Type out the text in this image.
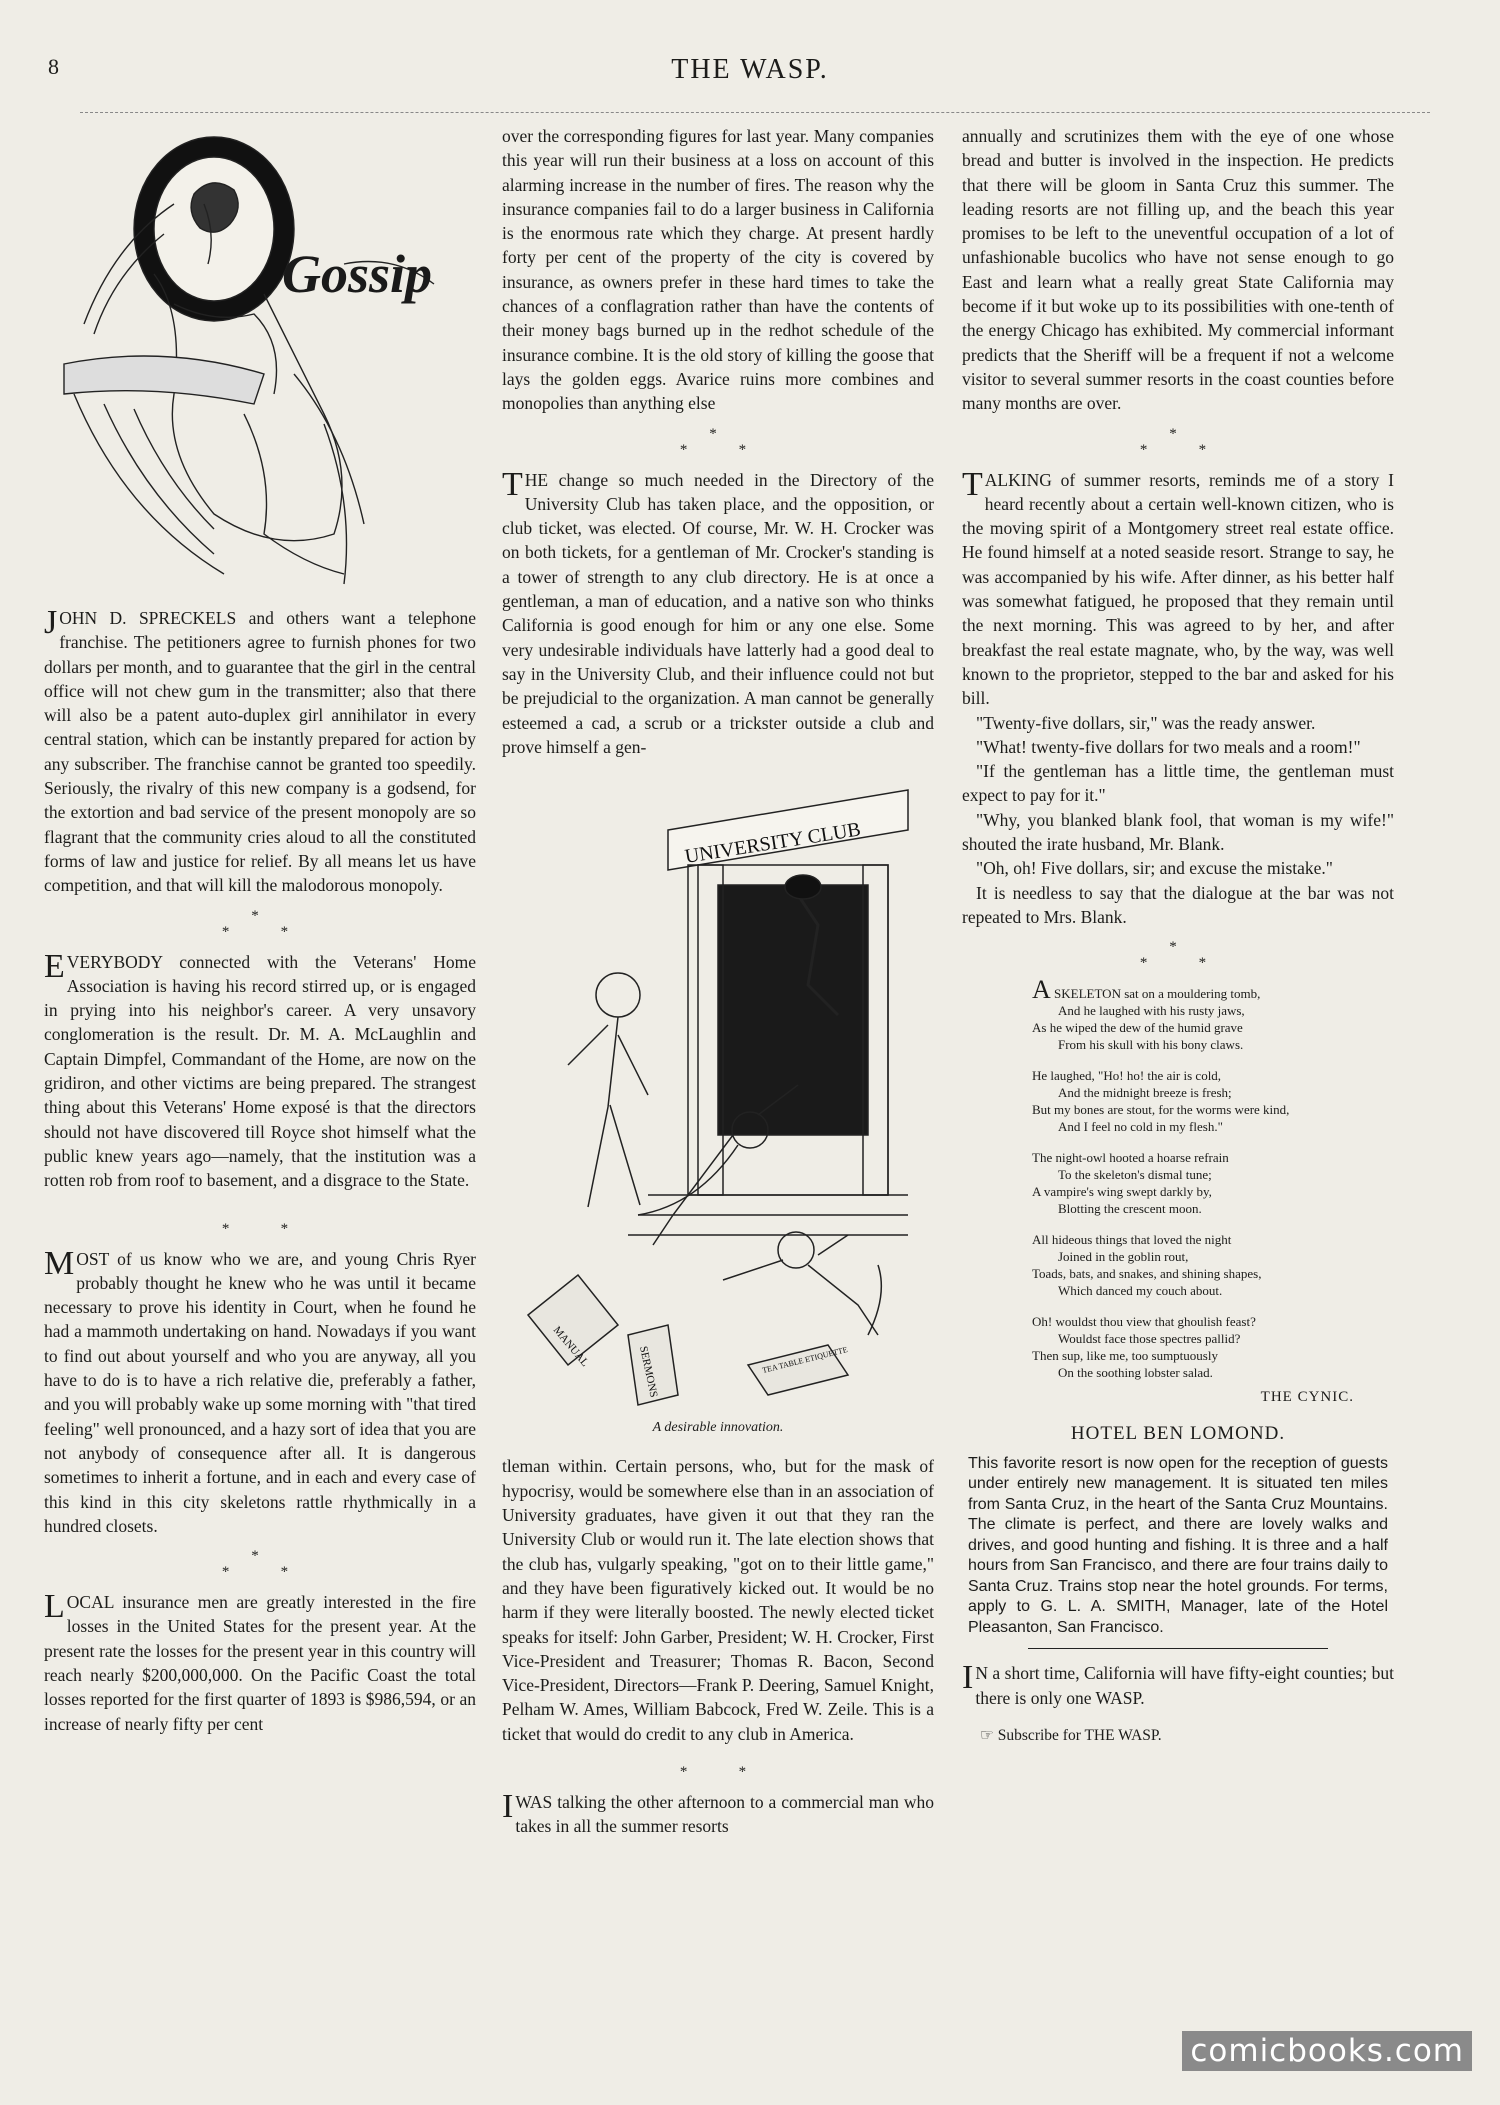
8	THE WASP.
Gossip

JOHN D. SPRECKELS and others want a telephone franchise. The petitioners agree to furnish phones for two dollars per month, and to guarantee that the girl in the central office will not chew gum in the transmitter; also that there will also be a patent auto-duplex girl annihilator in every central station, which can be instantly prepared for action by any subscriber. The franchise cannot be granted too speedily. Seriously, the rivalry of this new company is a godsend, for the extortion and bad service of the present monopoly are so flagrant that the community cries aloud to all the constituted forms of law and justice for relief. By all means let us have competition, and that will kill the malodorous monopoly.

*
*   *

EVERYBODY connected with the Veterans' Home Association is having his record stirred up, or is engaged in prying into his neighbor's career. A very unsavory conglomeration is the result. Dr. M. A. McLaughlin and Captain Dimpfel, Commandant of the Home, are now on the gridiron, and other victims are being prepared. The strangest thing about this Veterans' Home exposé is that the directors should not have discovered till Royce shot himself what the public knew years ago—namely, that the institution was a rotten rob from roof to basement, and a disgrace to the State.

*   *

MOST of us know who we are, and young Chris Ryer probably thought he knew who he was until it became necessary to prove his identity in Court, when he found he had a mammoth undertaking on hand. Nowadays if you want to find out about yourself and who you are anyway, all you have to do is to have a rich relative die, preferably a father, and you will probably wake up some morning with "that tired feeling" well pronounced, and a hazy sort of idea that you are not anybody of consequence after all. It is dangerous sometimes to inherit a fortune, and in each and every case of this kind in this city skeletons rattle rhythmically in a hundred closets.

*
*   *

LOCAL insurance men are greatly interested in the fire losses in the United States for the present year. At the present rate the losses for the present year in this country will reach nearly $200,000,000. On the Pacific Coast the total losses reported for the first quarter of 1893 is $986,594, or an increase of nearly fifty per cent

over the corresponding figures for last year. Many companies this year will run their business at a loss on account of this alarming increase in the number of fires. The reason why the insurance companies fail to do a larger business in California is the enormous rate which they charge. At present hardly forty per cent of the property of the city is covered by insurance, as owners prefer in these hard times to take the chances of a conflagration rather than have the contents of their money bags burned up in the redhot schedule of the insurance combine. It is the old story of killing the goose that lays the golden eggs. Avarice ruins more combines and monopolies than anything else

*
*   *

THE change so much needed in the Directory of the University Club has taken place, and the opposition, or club ticket, was elected. Of course, Mr. W. H. Crocker was on both tickets, for a gentleman of Mr. Crocker's standing is a tower of strength to any club directory. He is at once a gentleman, a man of education, and a native son who thinks California is good enough for him or any one else. Some very undesirable individuals have latterly had a good deal to say in the University Club, and their influence could not but be prejudicial to the organization. A man cannot be generally esteemed a cad, a scrub or a trickster outside a club and prove himself a gen-

UNIVERSITY CLUB
MANUAL	SERMONS	TEA TABLE ETIQUETTE
A desirable innovation.

tleman within. Certain persons, who, but for the mask of hypocrisy, would be somewhere else than in an association of University graduates, have given it out that they ran the University Club or would run it. The late election shows that the club has, vulgarly speaking, "got on to their little game," and they have been figuratively kicked out. It would be no harm if they were literally boosted. The newly elected ticket speaks for itself: John Garber, President; W. H. Crocker, First Vice-President and Treasurer; Thomas R. Bacon, Second Vice-President, Directors—Frank P. Deering, Samuel Knight, Pelham W. Ames, William Babcock, Fred W. Zeile. This is a ticket that would do credit to any club in America.

*   *

IWAS talking the other afternoon to a commercial man who takes in all the summer resorts

annually and scrutinizes them with the eye of one whose bread and butter is involved in the inspection. He predicts that there will be gloom in Santa Cruz this summer. The leading resorts are not filling up, and the beach this year promises to be left to the uneventful occupation of a lot of unfashionable bucolics who have not sense enough to go East and learn what a really great State California may become if it but woke up to its possibilities with one-tenth of the energy Chicago has exhibited. My commercial informant predicts that the Sheriff will be a frequent if not a welcome visitor to several summer resorts in the coast counties before many months are over.

*
*   *

TALKING of summer resorts, reminds me of a story I heard recently about a certain well-known citizen, who is the moving spirit of a Montgomery street real estate office. He found himself at a noted seaside resort. Strange to say, he was accompanied by his wife. After dinner, as his better half was somewhat fatigued, he proposed that they remain until the next morning. This was agreed to by her, and after breakfast the real estate magnate, who, by the way, was well known to the proprietor, stepped to the bar and asked for his bill.

"Twenty-five dollars, sir," was the ready answer.

"What! twenty-five dollars for two meals and a room!"

"If the gentleman has a little time, the gentleman must expect to pay for it."

"Why, you blanked blank fool, that woman is my wife!" shouted the irate husband, Mr. Blank.

"Oh, oh! Five dollars, sir; and excuse the mistake."

It is needless to say that the dialogue at the bar was not repeated to Mrs. Blank.

*
*   *
A SKELETON sat on a mouldering tomb,
And he laughed with his rusty jaws,
As he wiped the dew of the humid grave
From his skull with his bony claws.
He laughed, "Ho! ho! the air is cold,
And the midnight breeze is fresh;
But my bones are stout, for the worms were kind,
And I feel no cold in my flesh."
The night-owl hooted a hoarse refrain
To the skeleton's dismal tune;
A vampire's wing swept darkly by,
Blotting the crescent moon.
All hideous things that loved the night
Joined in the goblin rout,
Toads, bats, and snakes, and shining shapes,
Which danced my couch about.
Oh! wouldst thou view that ghoulish feast?
Wouldst face those spectres pallid?
Then sup, like me, too sumptuously
On the soothing lobster salad.
THE CYNIC.
HOTEL BEN LOMOND.
This favorite resort is now open for the reception of guests under entirely new management. It is situated ten miles from Santa Cruz, in the heart of the Santa Cruz Mountains. The climate is perfect, and there are lovely walks and drives, and good hunting and fishing. It is three and a half hours from San Francisco, and there are four trains daily to Santa Cruz. Trains stop near the hotel grounds. For terms, apply to G. L. A. SMITH, Manager, late of the Hotel Pleasanton, San Francisco.

IN a short time, California will have fifty-eight counties; but there is only one WASP.

☞ Subscribe for THE WASP.
comicbooks.com
